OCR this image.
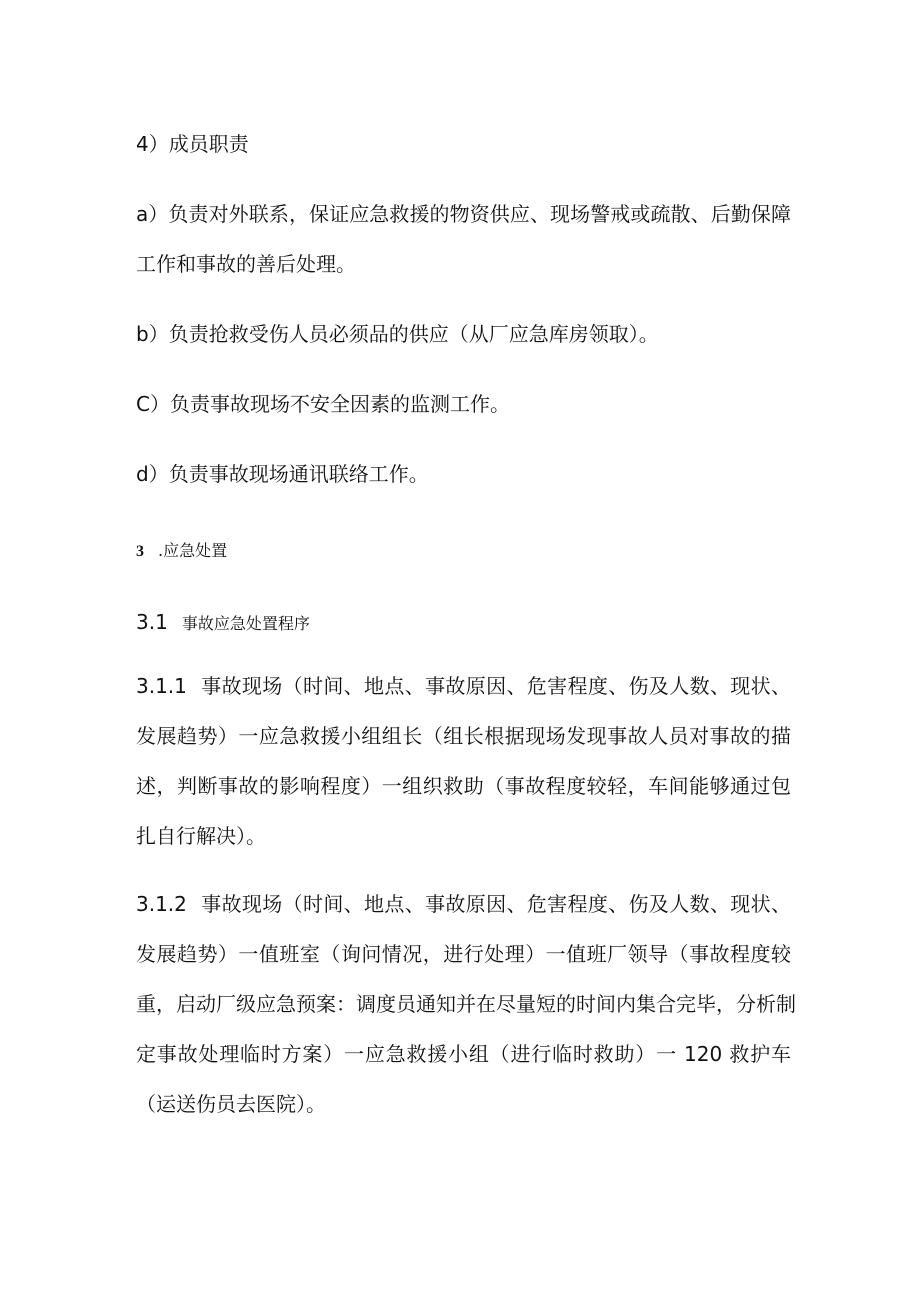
4）成员职责

a）负责对外联系，保证应急救援的物资供应、现场警戒或疏散、后勤保障
工作和事故的善后处理。

b）负责抢救受伤人员必须品的供应（从厂应急库房领取）。

C）负责事故现场不安全因素的监测工作。

d）负责事故现场通讯联络工作。

3 .应急处置

3.1 事故应急处置程序

3.1.1 事故现场（时间、地点、事故原因、危害程度、伤及人数、现状、
发展趋势）一应急救援小组组长（组长根据现场发现事故人员对事故的描
述，判断事故的影响程度）一组织救助（事故程度较轻，车间能够通过包
扎自行解决）。

3.1.2 事故现场（时间、地点、事故原因、危害程度、伤及人数、现状、
发展趋势）一值班室（询问情况，进行处理）一值班厂领导（事故程度较
重，启动厂级应急预案：调度员通知并在尽量短的时间内集合完毕，分析制
定事故处理临时方案）一应急救援小组（进行临时救助）一 120 救护车
（运送伤员去医院）。
